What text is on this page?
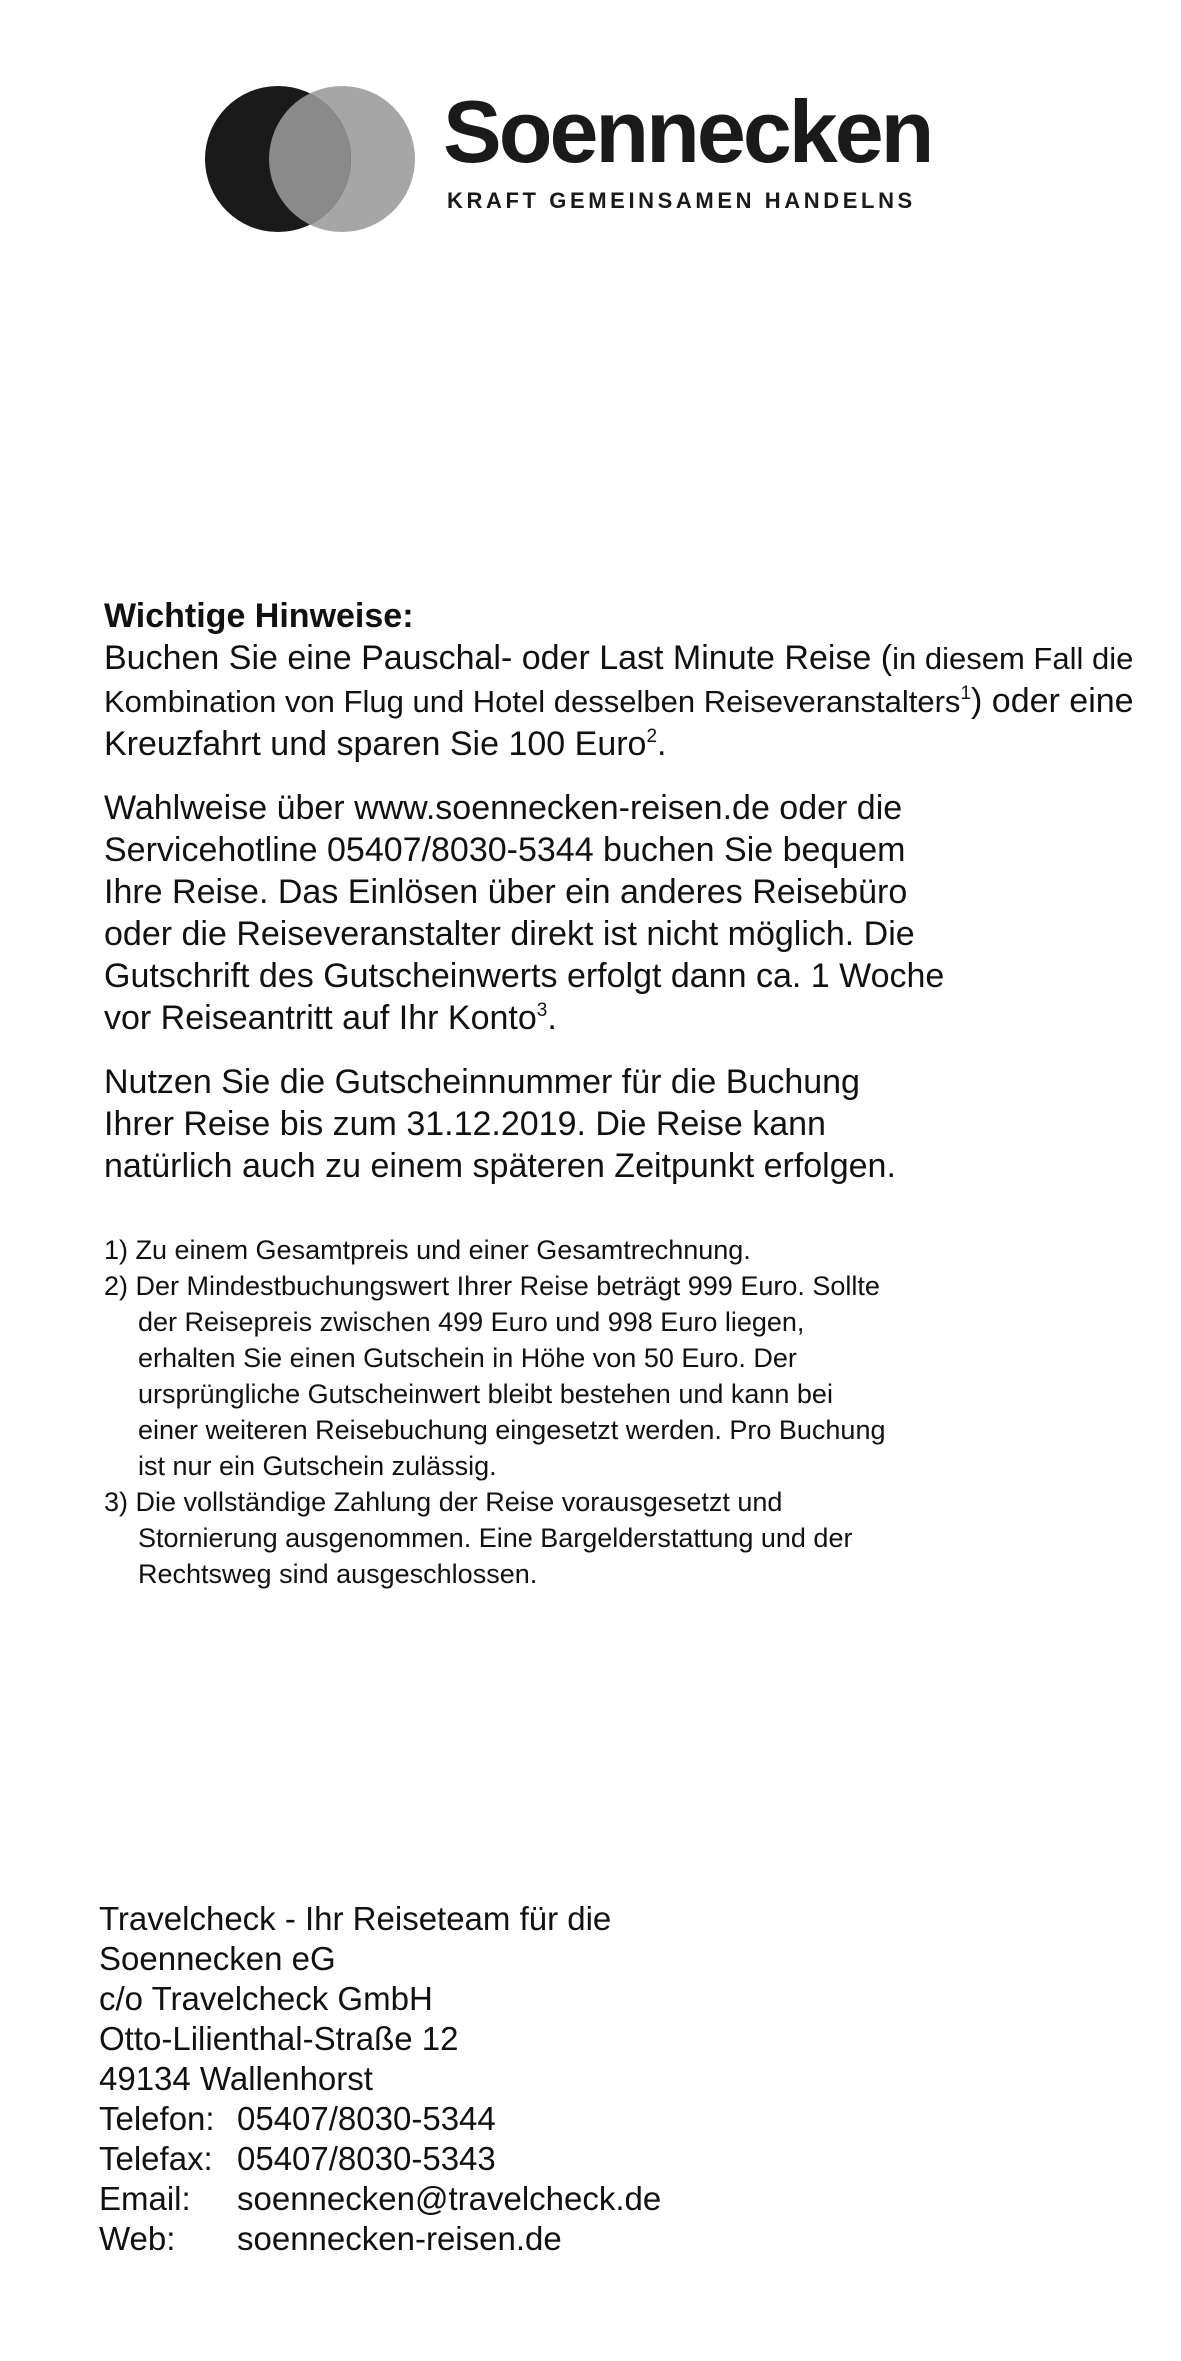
Soennecken
KRAFT GEMEINSAMEN HANDELNS

Wichtige Hinweise:

Buchen Sie eine Pauschal- oder Last Minute Reise (in diesem Fall die Kombination von Flug und Hotel desselben Reiseveranstalters$^1$) oder eine Kreuzfahrt und sparen Sie 100 Euro$^2$.

Wahlweise über www.soennecken-reisen.de oder die Servicehotline 05407/8030-5344 buchen Sie bequem Ihre Reise. Das Einlösen über ein anderes Reisebüro oder die Reiseveranstalter direkt ist nicht möglich. Die Gutschrift des Gutscheinwerts erfolgt dann ca. 1 Woche vor Reiseantritt auf Ihr Konto$^3$.

Nutzen Sie die Gutscheinnummer für die Buchung Ihrer Reise bis zum 31.12.2019. Die Reise kann natürlich auch zu einem späteren Zeitpunkt erfolgen.

1) Zu einem Gesamtpreis und einer Gesamtrechnung.
2) Der Mindestbuchungswert Ihrer Reise beträgt 999 Euro. Sollte der Reisepreis zwischen 499 Euro und 998 Euro liegen, erhalten Sie einen Gutschein in Höhe von 50 Euro. Der ursprüngliche Gutscheinwert bleibt bestehen und kann bei einer weiteren Reisebuchung eingesetzt werden. Pro Buchung ist nur ein Gutschein zulässig.
3) Die vollständige Zahlung der Reise vorausgesetzt und Stornierung ausgenommen. Eine Bargelderstattung und der Rechtsweg sind ausgeschlossen.
Travelcheck - Ihr Reiseteam für die
Soennecken eG
c/o Travelcheck GmbH
Otto-Lilienthal-Straße 12
49134 Wallenhorst
Telefon: 05407/8030-5344
Telefax: 05407/8030-5343
Email:	soennecken@travelcheck.de
Web:	soennecken-reisen.de
